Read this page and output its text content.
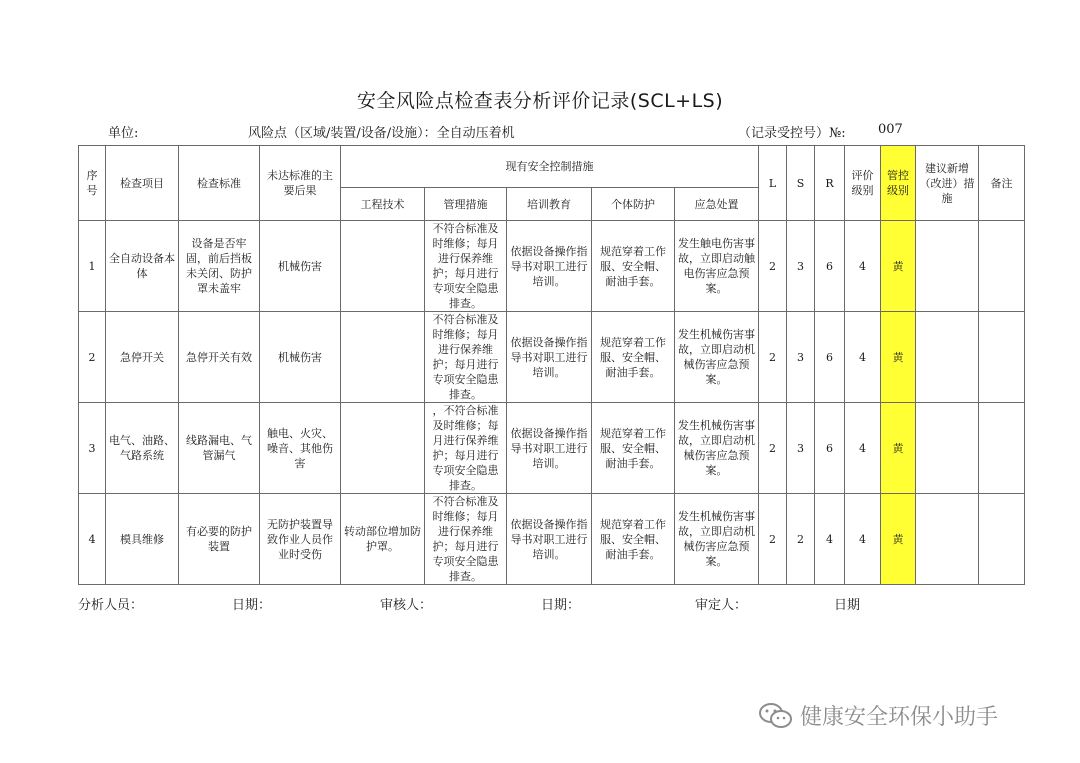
安全风险点检查表分析评价记录(SCL+LS)
单位:	风险点（区域/装置/设备/设施）：全自动压着机	（记录受控号）№: 007
序号	检查项目	检查标准	未达标准的主要后果	现有安全控制措施					L	S	R	评价级别	管控级别	建议新增（改进）措施	备注
				工程技术	管理措施	培训教育	个体防护	应急处置							
1	全自动设备本体	设备是否牢固，前后挡板未关闭、防护罩未盖牢	机械伤害		不符合标准及时维修；每月进行保养维护；每月进行专项安全隐患排查。	依据设备操作指导书对职工进行培训。	规范穿着工作服、安全帽、耐油手套。	发生触电伤害事故，立即启动触电伤害应急预案。	2	3	6	4	黄		
2	急停开关	急停开关有效	机械伤害		不符合标准及时维修；每月进行保养维护；每月进行专项安全隐患排查。	依据设备操作指导书对职工进行培训。	规范穿着工作服、安全帽、耐油手套。	发生机械伤害事故，立即启动机械伤害应急预案。	2	3	6	4	黄		
3	电气、油路、气路系统	线路漏电、气管漏气	触电、火灾、噪音、其他伤害		，不符合标准及时维修；每月进行保养维护；每月进行专项安全隐患排查。	依据设备操作指导书对职工进行培训。	规范穿着工作服、安全帽、耐油手套。	发生机械伤害事故，立即启动机械伤害应急预案。	2	3	6	4	黄		
4	模具维修	有必要的防护装置	无防护装置导致作业人员作业时受伤	转动部位增加防护罩。	不符合标准及时维修；每月进行保养维护；每月进行专项安全隐患排查。	依据设备操作指导书对职工进行培训。	规范穿着工作服、安全帽、耐油手套。	发生机械伤害事故，立即启动机械伤害应急预案。	2	2	4	4	黄		
分析人员：	日期：	审核人：	日期：	审定人：	日期
健康安全环保小助手
